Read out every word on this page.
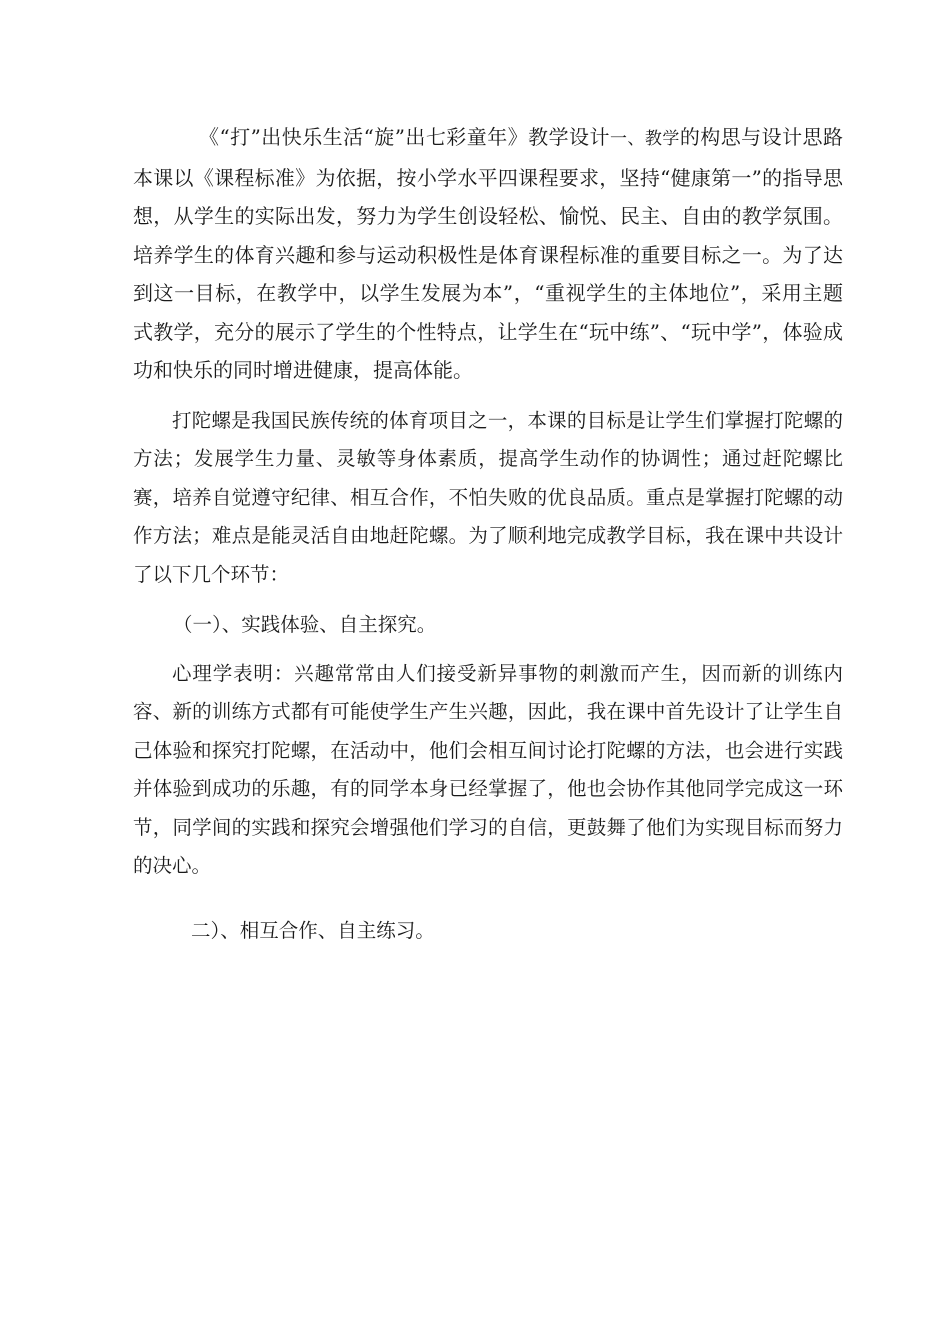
《“打”出快乐生活“旋”出七彩童年》教学设计一、教学的构思与设计思路本课以《课程标准》为依据，按小学水平四课程要求，坚持“健康第一”的指导思想，从学生的实际出发，努力为学生创设轻松、愉悦、民主、自由的教学氛围。培养学生的体育兴趣和参与运动积极性是体育课程标准的重要目标之一。为了达到这一目标，在教学中，以学生发展为本”，“重视学生的主体地位”，采用主题式教学，充分的展示了学生的个性特点，让学生在“玩中练”、“玩中学”，体验成功和快乐的同时增进健康，提高体能。

打陀螺是我国民族传统的体育项目之一，本课的目标是让学生们掌握打陀螺的方法；发展学生力量、灵敏等身体素质，提高学生动作的协调性；通过赶陀螺比赛，培养自觉遵守纪律、相互合作，不怕失败的优良品质。重点是掌握打陀螺的动作方法；难点是能灵活自由地赶陀螺。为了顺利地完成教学目标，我在课中共设计了以下几个环节：

（一）、实践体验、自主探究。

心理学表明：兴趣常常由人们接受新异事物的刺激而产生，因而新的训练内容、新的训练方式都有可能使学生产生兴趣，因此，我在课中首先设计了让学生自己体验和探究打陀螺，在活动中，他们会相互间讨论打陀螺的方法，也会进行实践并体验到成功的乐趣，有的同学本身已经掌握了，他也会协作其他同学完成这一环节，同学间的实践和探究会增强他们学习的自信，更鼓舞了他们为实现目标而努力的决心。

二）、相互合作、自主练习。
